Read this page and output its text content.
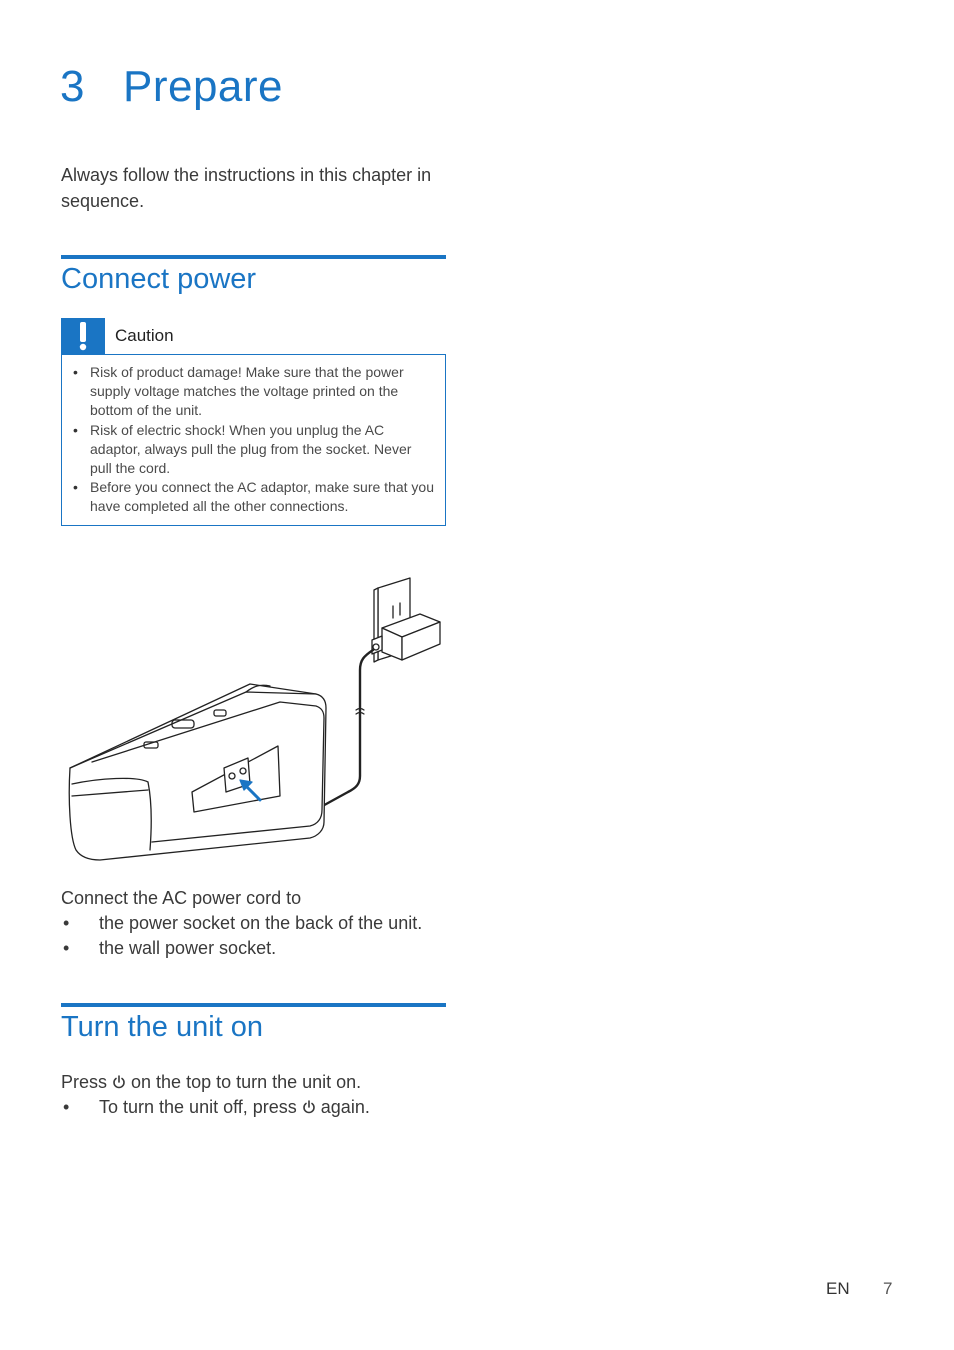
3 Prepare

Always follow the instructions in this chapter in sequence.

Connect power
Caution
• Risk of product damage! Make sure that the power supply voltage matches the voltage printed on the bottom of the unit.
• Risk of electric shock! When you unplug the AC adaptor, always pull the plug from the socket. Never pull the cord.
• Before you connect the AC adaptor, make sure that you have completed all the other connections.

Connect the AC power cord to

• the power socket on the back of the unit.
• the wall power socket.
Turn the unit on

Press  on the top to turn the unit on.

• To turn the unit off, press  again.
EN 7
